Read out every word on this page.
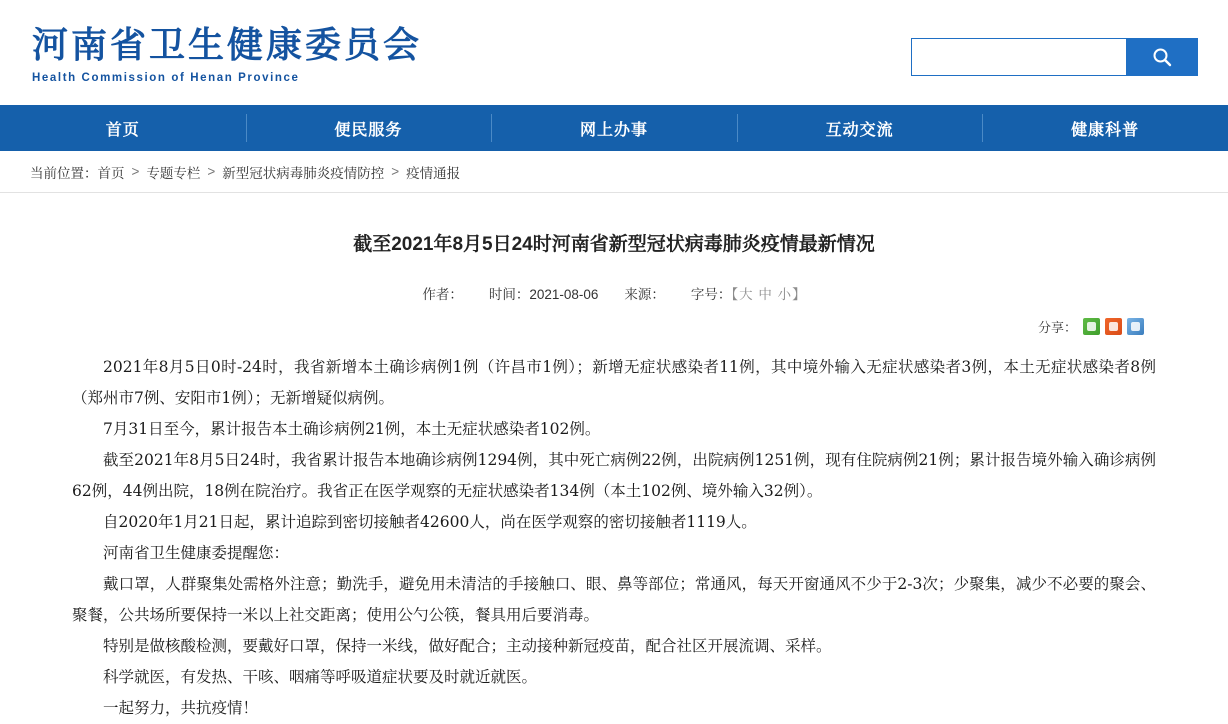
河南省卫生健康委员会
Health Commission of Henan Province
首页	便民服务	网上办事	互动交流	健康科普
当前位置： 首页 > 专题专栏 > 新型冠状病毒肺炎疫情防控 > 疫情通报
截至2021年8月5日24时河南省新型冠状病毒肺炎疫情最新情况
作者： 时间：2021-08-06 来源： 字号：【大 中 小】
分享：

2021年8月5日0时-24时，我省新增本土确诊病例1例（许昌市1例）；新增无症状感染者11例，其中境外输入无症状感染者3例，本土无症状感染者8例（郑州市7例、安阳市1例）；无新增疑似病例。

7月31日至今，累计报告本土确诊病例21例，本土无症状感染者102例。

截至2021年8月5日24时，我省累计报告本地确诊病例1294例，其中死亡病例22例，出院病例1251例，现有住院病例21例；累计报告境外输入确诊病例62例，44例出院，18例在院治疗。我省正在医学观察的无症状感染者134例（本土102例、境外输入32例）。

自2020年1月21日起，累计追踪到密切接触者42600人，尚在医学观察的密切接触者1119人。

河南省卫生健康委提醒您：

戴口罩，人群聚集处需格外注意；勤洗手，避免用未清洁的手接触口、眼、鼻等部位；常通风，每天开窗通风不少于2-3次；少聚集，减少不必要的聚会、聚餐，公共场所要保持一米以上社交距离；使用公勺公筷，餐具用后要消毒。

特别是做核酸检测，要戴好口罩，保持一米线，做好配合；主动接种新冠疫苗，配合社区开展流调、采样。

科学就医，有发热、干咳、咽痛等呼吸道症状要及时就近就医。

一起努力，共抗疫情！
